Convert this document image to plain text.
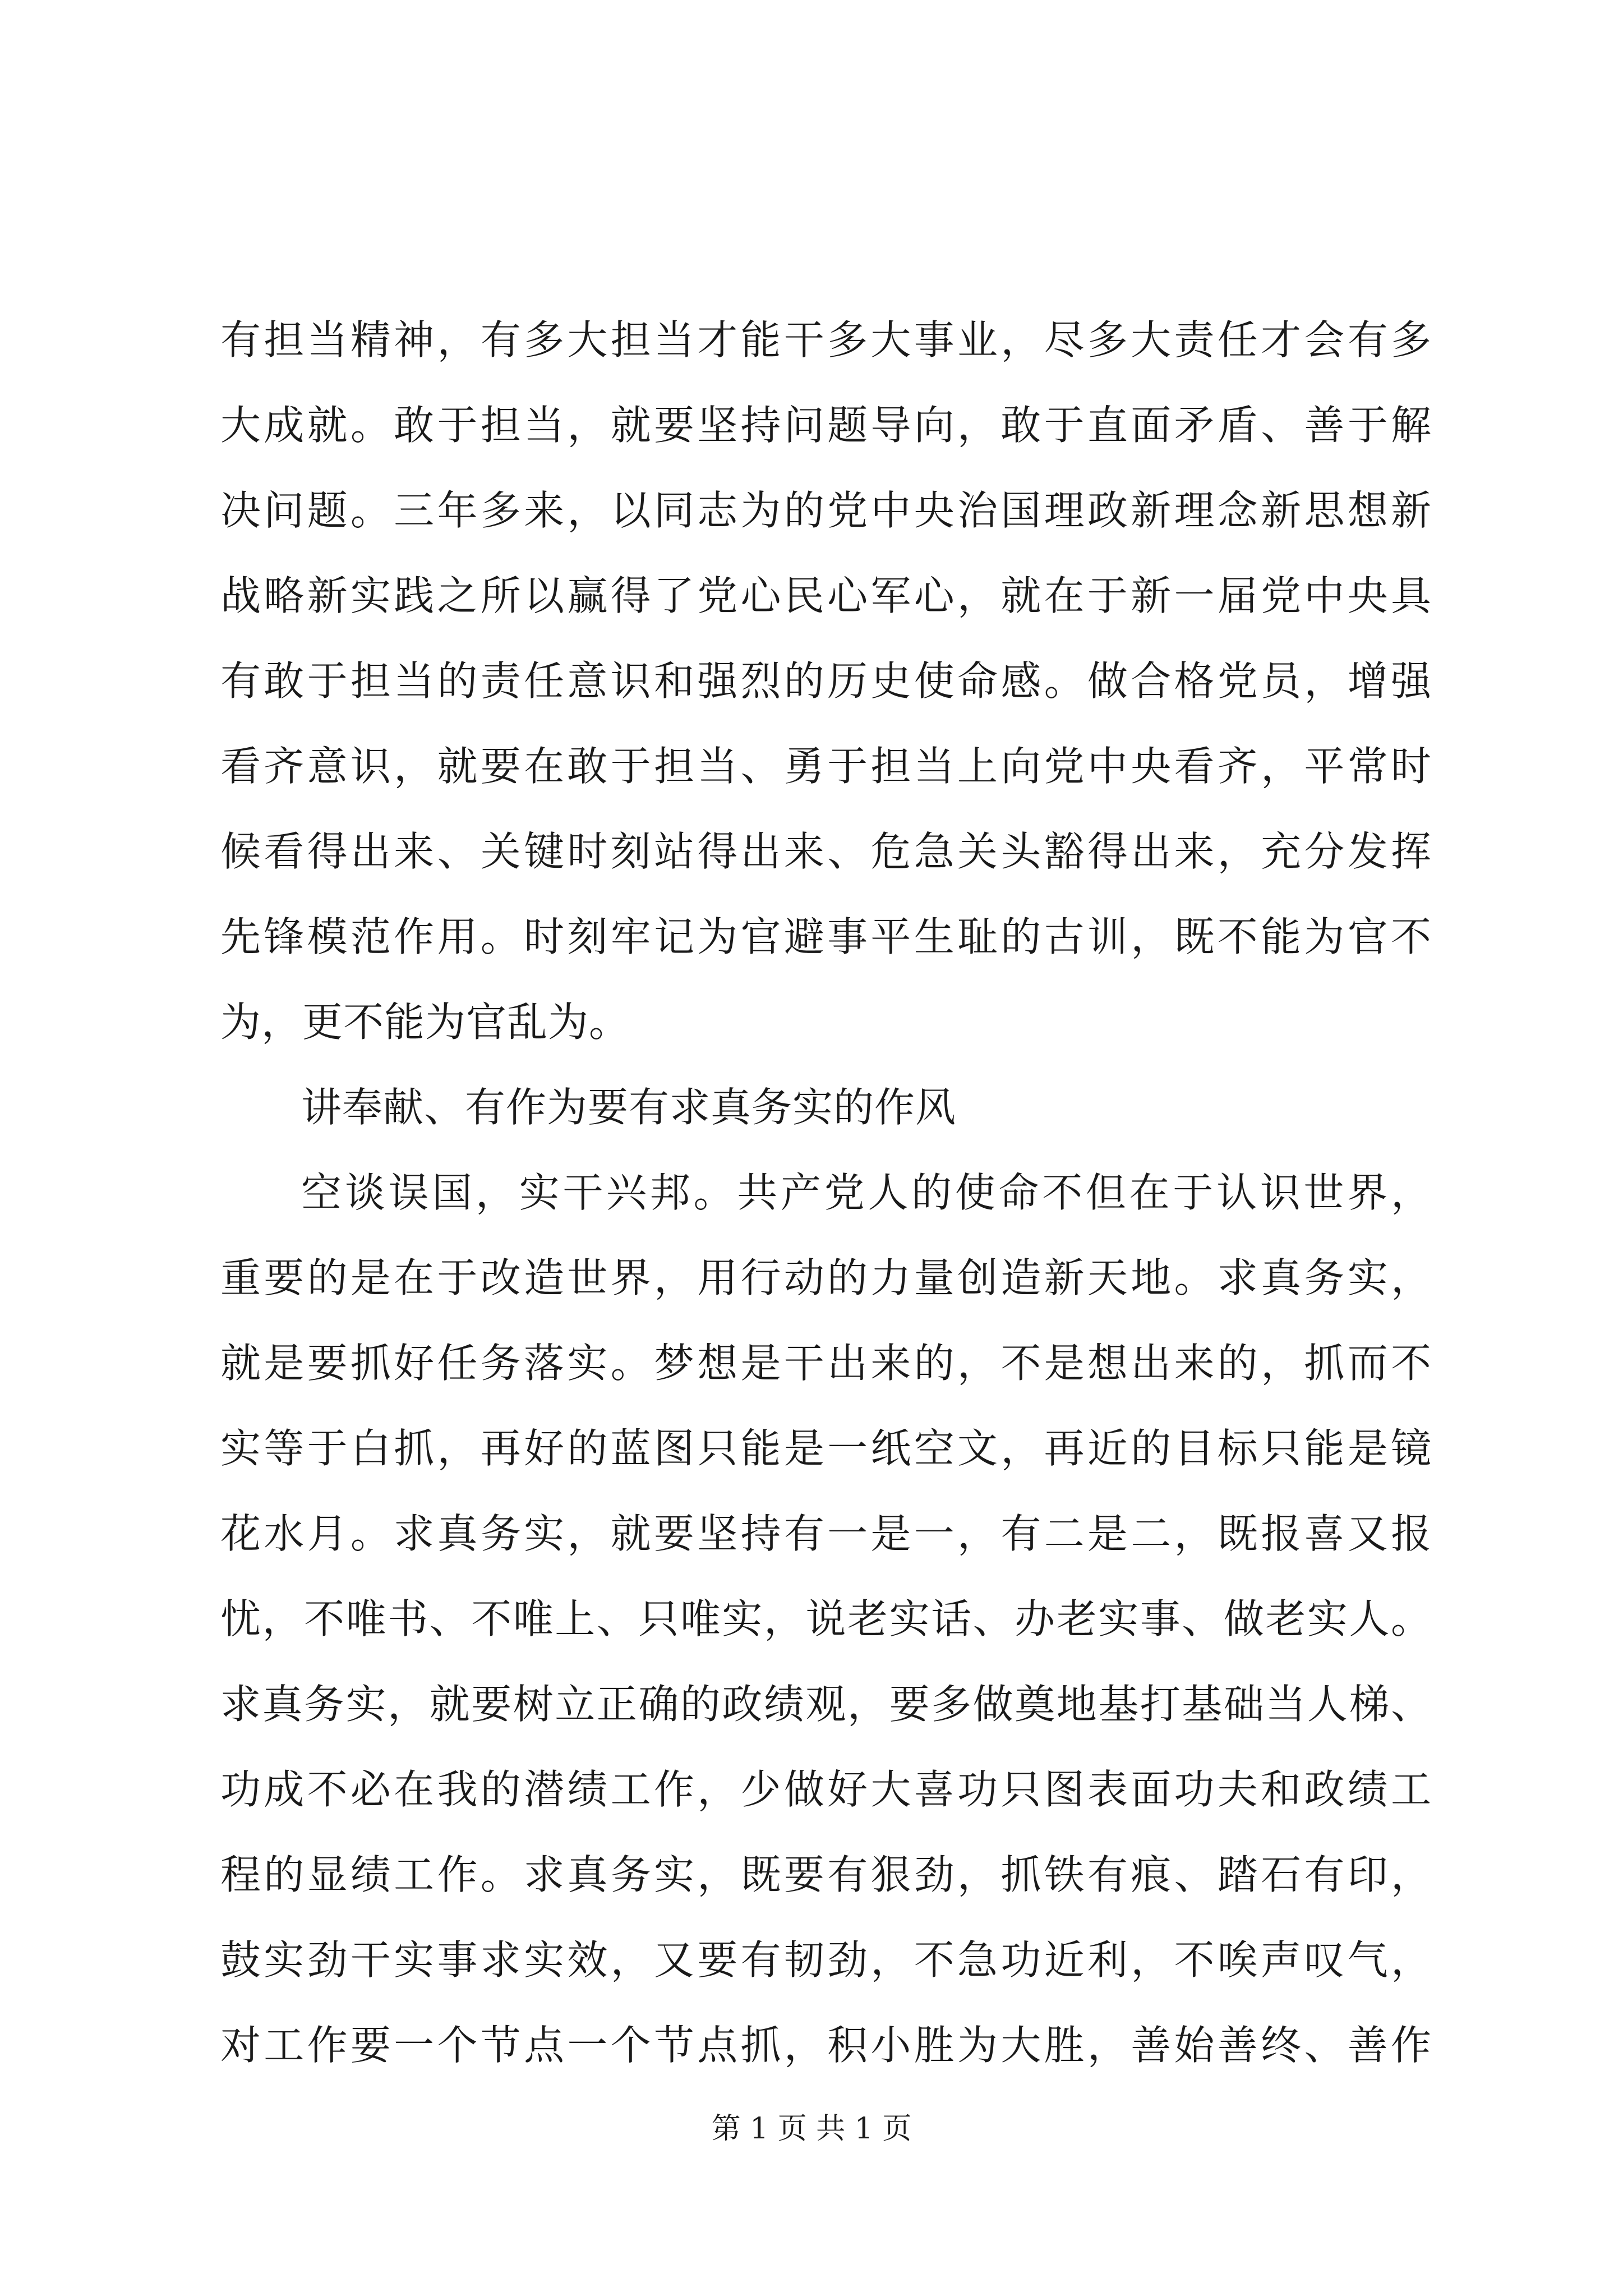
有担当精神，有多大担当才能干多大事业，尽多大责任才会有多
大成就。敢于担当，就要坚持问题导向，敢于直面矛盾、善于解
决问题。三年多来，以同志为的党中央治国理政新理念新思想新
战略新实践之所以赢得了党心民心军心，就在于新一届党中央具
有敢于担当的责任意识和强烈的历史使命感。做合格党员，增强
看齐意识，就要在敢于担当、勇于担当上向党中央看齐，平常时
候看得出来、关键时刻站得出来、危急关头豁得出来，充分发挥
先锋模范作用。时刻牢记为官避事平生耻的古训，既不能为官不
为，更不能为官乱为。
讲奉献、有作为要有求真务实的作风
空谈误国，实干兴邦。共产党人的使命不但在于认识世界，
重要的是在于改造世界，用行动的力量创造新天地。求真务实，
就是要抓好任务落实。梦想是干出来的，不是想出来的，抓而不
实等于白抓，再好的蓝图只能是一纸空文，再近的目标只能是镜
花水月。求真务实，就要坚持有一是一，有二是二，既报喜又报
忧，不唯书、不唯上、只唯实，说老实话、办老实事、做老实人。
求真务实，就要树立正确的政绩观，要多做奠地基打基础当人梯、
功成不必在我的潜绩工作，少做好大喜功只图表面功夫和政绩工
程的显绩工作。求真务实，既要有狠劲，抓铁有痕、踏石有印，
鼓实劲干实事求实效，又要有韧劲，不急功近利，不唉声叹气，
对工作要一个节点一个节点抓，积小胜为大胜，善始善终、善作
第 1 页 共 1 页
